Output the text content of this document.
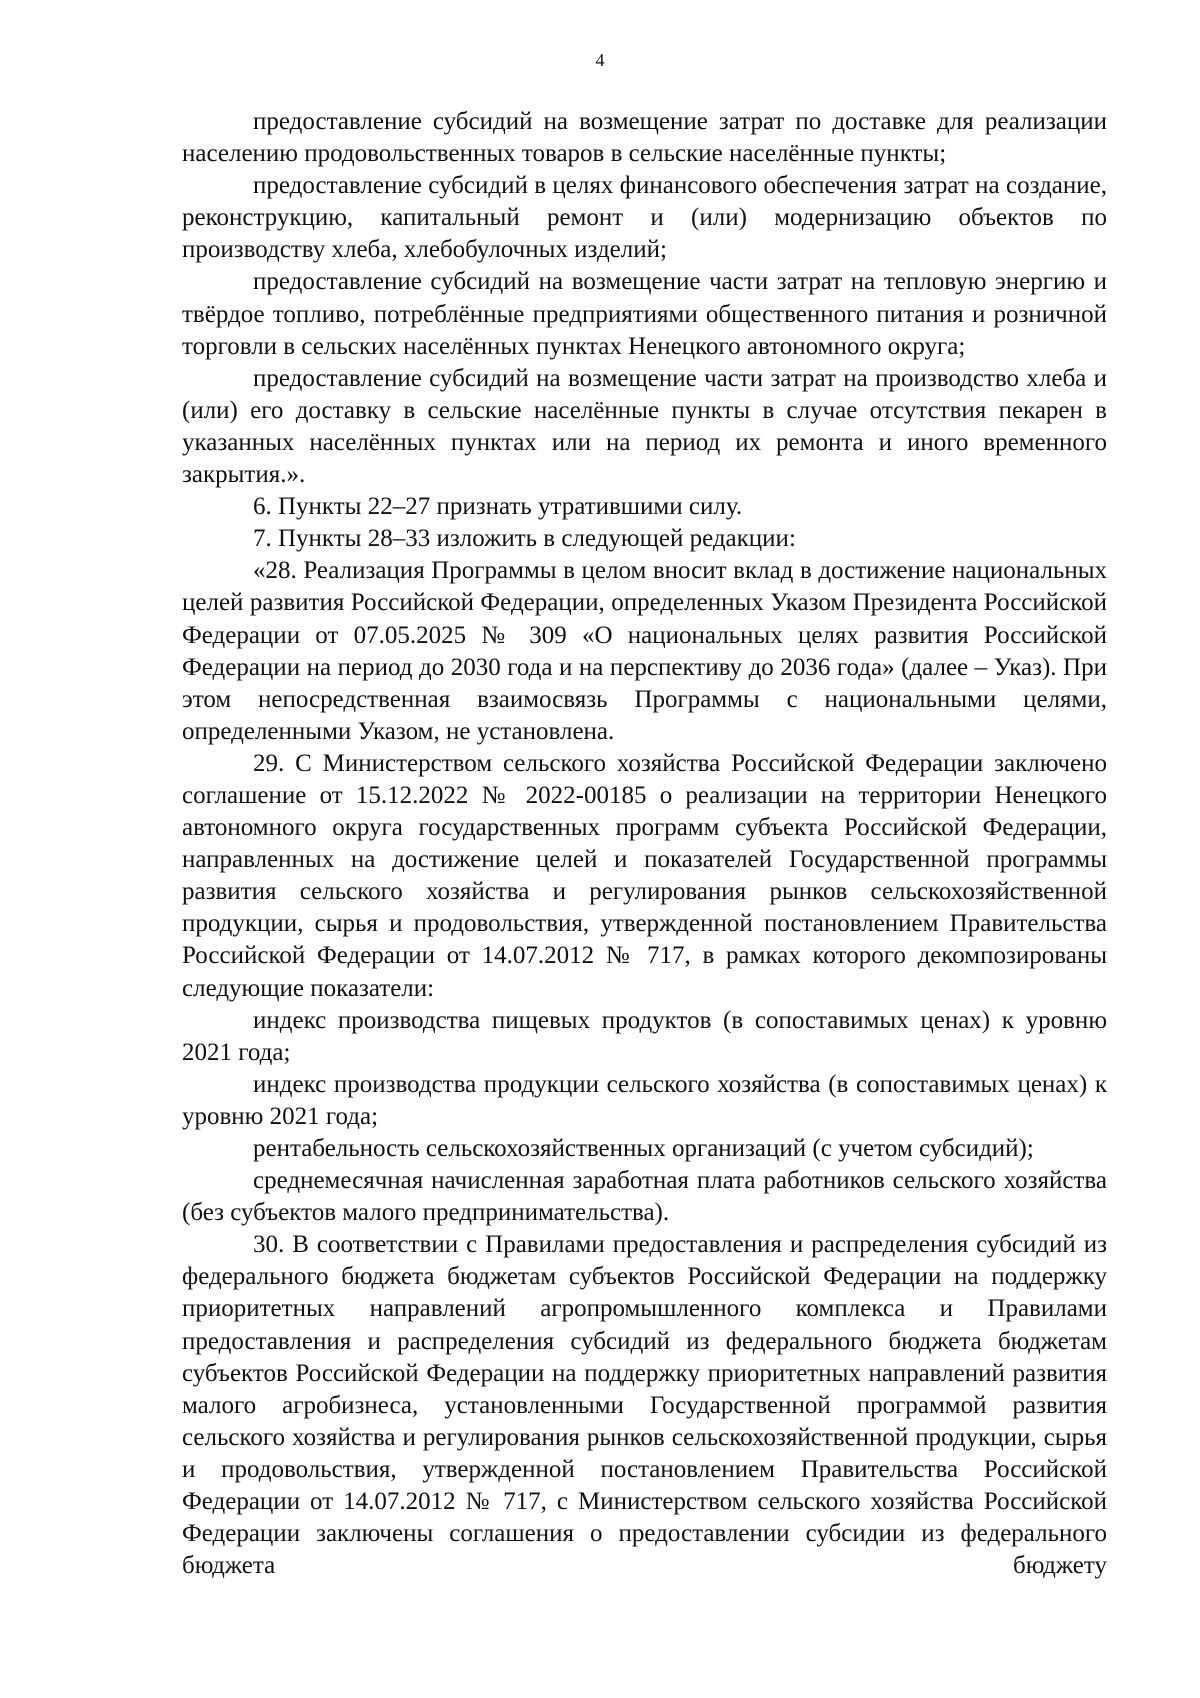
4

предоставление субсидий на возмещение затрат по доставке для реализации населению продовольственных товаров в сельские населённые пункты;

предоставление субсидий в целях финансового обеспечения затрат на создание, реконструкцию, капитальный ремонт и (или) модернизацию объектов по производству хлеба, хлебобулочных изделий;

предоставление субсидий на возмещение части затрат на тепловую энергию и твёрдое топливо, потреблённые предприятиями общественного питания и розничной торговли в сельских населённых пунктах Ненецкого автономного округа;

предоставление субсидий на возмещение части затрат на производство хлеба и (или) его доставку в сельские населённые пункты в случае отсутствия пекарен в указанных населённых пунктах или на период их ремонта и иного временного закрытия.».

6. Пункты 22–27 признать утратившими силу.

7. Пункты 28–33 изложить в следующей редакции:

«28. Реализация Программы в целом вносит вклад в достижение национальных целей развития Российской Федерации, определенных Указом Президента Российской Федерации от 07.05.2025 № 309 «О национальных целях развития Российской Федерации на период до 2030 года и на перспективу до 2036 года» (далее – Указ). При этом непосредственная взаимосвязь Программы с национальными целями, определенными Указом, не установлена.

29. С Министерством сельского хозяйства Российской Федерации заключено соглашение от 15.12.2022 № 2022-00185 о реализации на территории Ненецкого автономного округа государственных программ субъекта Российской Федерации, направленных на достижение целей и показателей Государственной программы развития сельского хозяйства и регулирования рынков сельскохозяйственной продукции, сырья и продовольствия, утвержденной постановлением Правительства Российской Федерации от 14.07.2012 № 717, в рамках которого декомпозированы следующие показатели:

индекс производства пищевых продуктов (в сопоставимых ценах) к уровню 2021 года;

индекс производства продукции сельского хозяйства (в сопоставимых ценах) к уровню 2021 года;

рентабельность сельскохозяйственных организаций (с учетом субсидий);

среднемесячная начисленная заработная плата работников сельского хозяйства (без субъектов малого предпринимательства).

30. В соответствии с Правилами предоставления и распределения субсидий из федерального бюджета бюджетам субъектов Российской Федерации на поддержку приоритетных направлений агропромышленного комплекса и Правилами предоставления и распределения субсидий из федерального бюджета бюджетам субъектов Российской Федерации на поддержку приоритетных направлений развития малого агробизнеса, установленными Государственной программой развития сельского хозяйства и регулирования рынков сельскохозяйственной продукции, сырья и продовольствия, утвержденной постановлением Правительства Российской Федерации от 14.07.2012 № 717, с Министерством сельского хозяйства Российской Федерации заключены соглашения о предоставлении субсидии из федерального бюджета бюджету
